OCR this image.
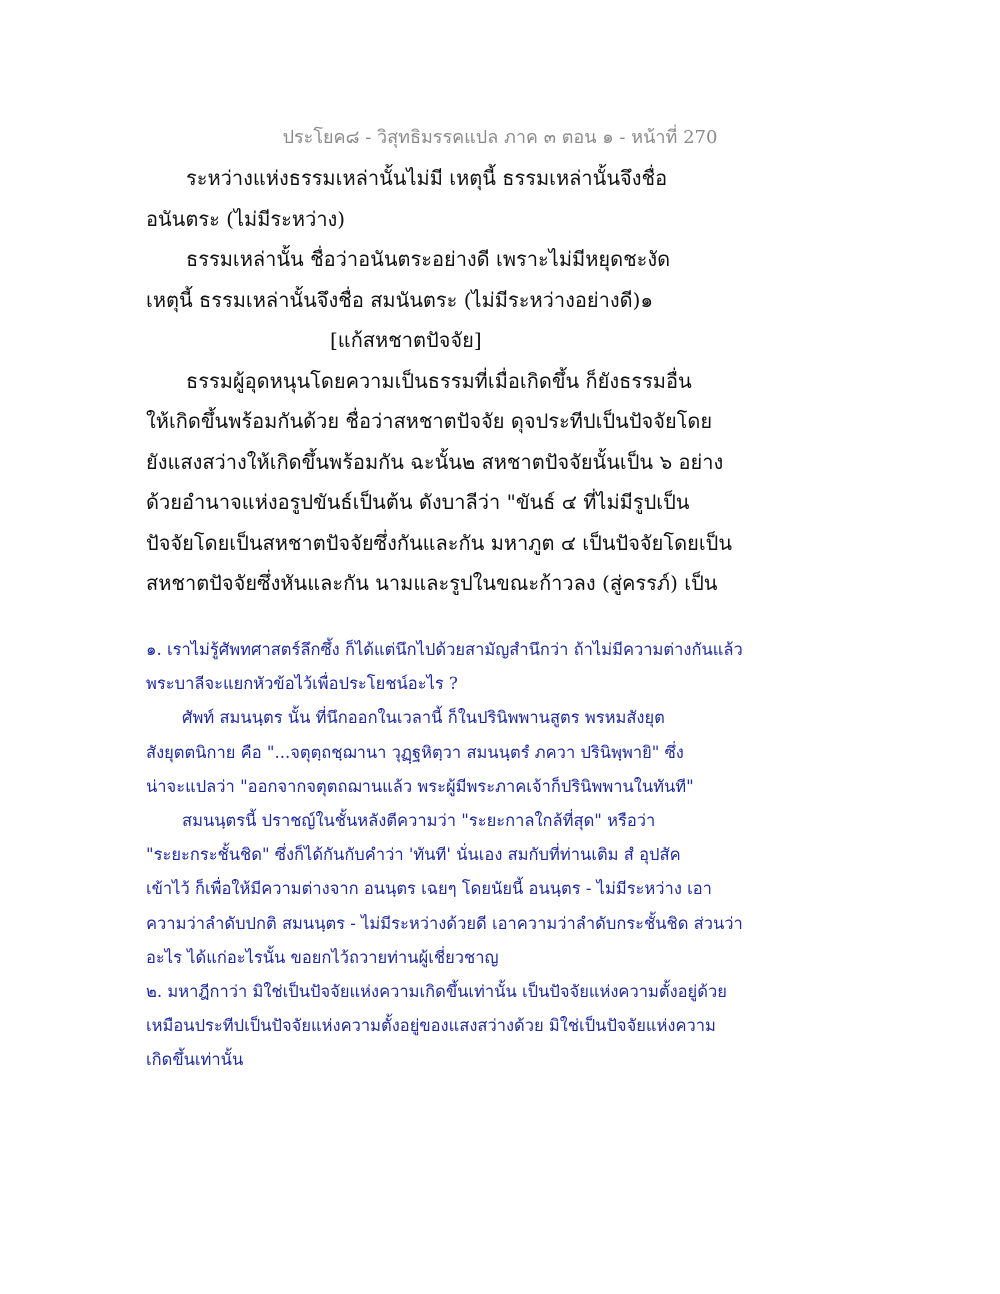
ประโยค๘ - วิสุทธิมรรคแปล ภาค ๓ ตอน ๑ - หน้าที่ 270
ระหว่างแห่งธรรมเหล่านั้นไม่มี เหตุนี้ ธรรมเหล่านั้นจึงชื่อ
อนันตระ (ไม่มีระหว่าง)
ธรรมเหล่านั้น ชื่อว่าอนันตระอย่างดี เพราะไม่มีหยุดชะงัด
เหตุนี้ ธรรมเหล่านั้นจึงชื่อ สมนันตระ (ไม่มีระหว่างอย่างดี)๑
[แก้สหชาตปัจจัย]
ธรรมผู้อุดหนุนโดยความเป็นธรรมที่เมื่อเกิดขึ้น ก็ยังธรรมอื่น
ให้เกิดขึ้นพร้อมกันด้วย ชื่อว่าสหชาตปัจจัย ดุจประทีปเป็นปัจจัยโดย
ยังแสงสว่างให้เกิดขึ้นพร้อมกัน ฉะนั้น๒ สหชาตปัจจัยนั้นเป็น ๖ อย่าง
ด้วยอำนาจแห่งอรูปขันธ์เป็นต้น ดังบาลีว่า "ขันธ์ ๔ ที่ไม่มีรูปเป็น
ปัจจัยโดยเป็นสหชาตปัจจัยซึ่งกันและกัน มหาภูต ๔ เป็นปัจจัยโดยเป็น
สหชาตปัจจัยซึ่งหันและกัน นามและรูปในขณะก้าวลง (สู่ครรภ์) เป็น
๑. เราไม่รู้ศัพทศาสตร์ลึกซึ้ง ก็ได้แต่นึกไปด้วยสามัญสำนึกว่า ถ้าไม่มีความต่างกันแล้ว
พระบาลีจะแยกหัวข้อไว้เพื่อประโยชน์อะไร ?
ศัพท์ สมนนฺตร นั้น ที่นึกออกในเวลานี้ ก็ในปรินิพพานสูตร พรหมสังยุต
สังยุตตนิกาย คือ "...จตุตฺถชฺฌานา วุฏฺฐหิตฺวา สมนนฺตรํ ภควา ปรินิพฺพายิ" ซึ่ง
น่าจะแปลว่า "ออกจากจตุตถฌานแล้ว พระผู้มีพระภาคเจ้าก็ปรินิพพานในทันที"
สมนนฺตรนี้ ปราชญ์ในชั้นหลังตีความว่า "ระยะกาลใกล้ที่สุด" หรือว่า
"ระยะกระชั้นชิด" ซึ่งก็ได้กันกับคำว่า 'ทันที' นั่นเอง สมกับที่ท่านเติม สํ อุปสัค
เข้าไว้ ก็เพื่อให้มีความต่างจาก อนนฺตร เฉยๆ โดยนัยนี้ อนนฺตร - ไม่มีระหว่าง เอา
ความว่าลำดับปกติ สมนนฺตร - ไม่มีระหว่างด้วยดี เอาความว่าลำดับกระชั้นชิด ส่วนว่า
อะไร ได้แก่อะไรนั้น ขอยกไว้ถวายท่านผู้เชี่ยวชาญ
๒. มหาฎีกาว่า มิใช่เป็นปัจจัยแห่งความเกิดขึ้นเท่านั้น เป็นปัจจัยแห่งความตั้งอยู่ด้วย
เหมือนประทีปเป็นปัจจัยแห่งความตั้งอยู่ของแสงสว่างด้วย มิใช่เป็นปัจจัยแห่งความ
เกิดขึ้นเท่านั้น
